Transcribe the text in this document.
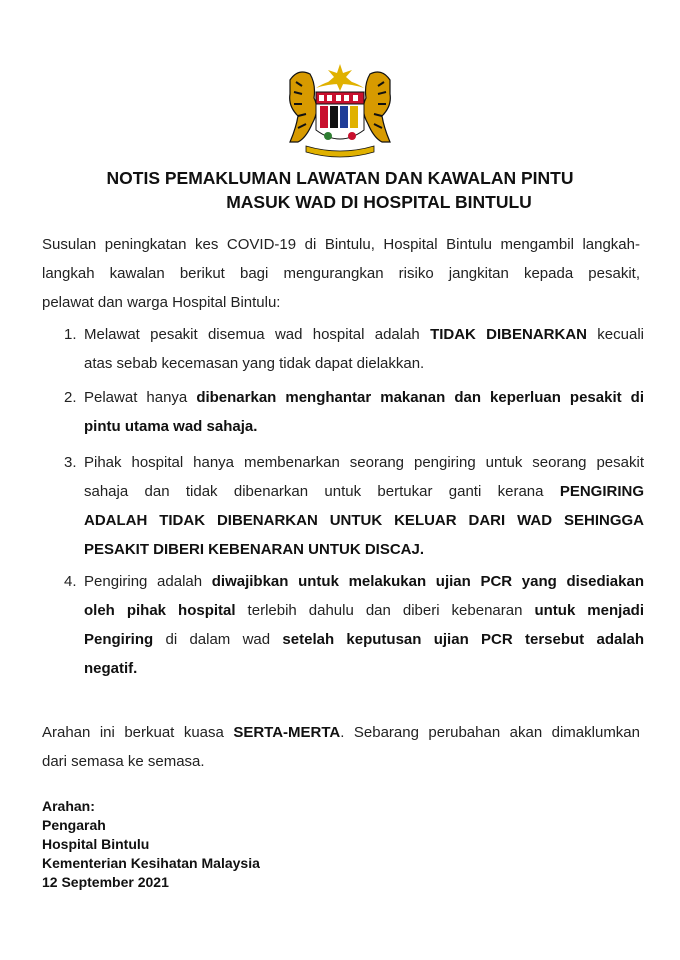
NOTIS PEMAKLUMAN LAWATAN DAN KAWALAN PINTU
MASUK WAD DI HOSPITAL BINTULU
Susulan peningkatan kes COVID-19 di Bintulu, Hospital Bintulu mengambil langkah-
langkah kawalan berikut bagi mengurangkan risiko jangkitan kepada pesakit,
pelawat dan warga Hospital Bintulu:
1. Melawat pesakit disemua wad hospital adalah TIDAK DIBENARKAN kecuali
atas sebab kecemasan yang tidak dapat dielakkan.
2. Pelawat hanya dibenarkan menghantar makanan dan keperluan pesakit di
pintu utama wad sahaja.
3. Pihak hospital hanya membenarkan seorang pengiring untuk seorang pesakit
sahaja dan tidak dibenarkan untuk bertukar ganti kerana PENGIRING
ADALAH TIDAK DIBENARKAN UNTUK KELUAR DARI WAD SEHINGGA
PESAKIT DIBERI KEBENARAN UNTUK DISCAJ.
4. Pengiring adalah diwajibkan untuk melakukan ujian PCR yang disediakan
oleh pihak hospital terlebih dahulu dan diberi kebenaran untuk menjadi
Pengiring di dalam wad setelah keputusan ujian PCR tersebut adalah
negatif.
Arahan ini berkuat kuasa SERTA-MERTA. Sebarang perubahan akan dimaklumkan
dari semasa ke semasa.
Arahan:
Pengarah
Hospital Bintulu
Kementerian Kesihatan Malaysia
12 September 2021
